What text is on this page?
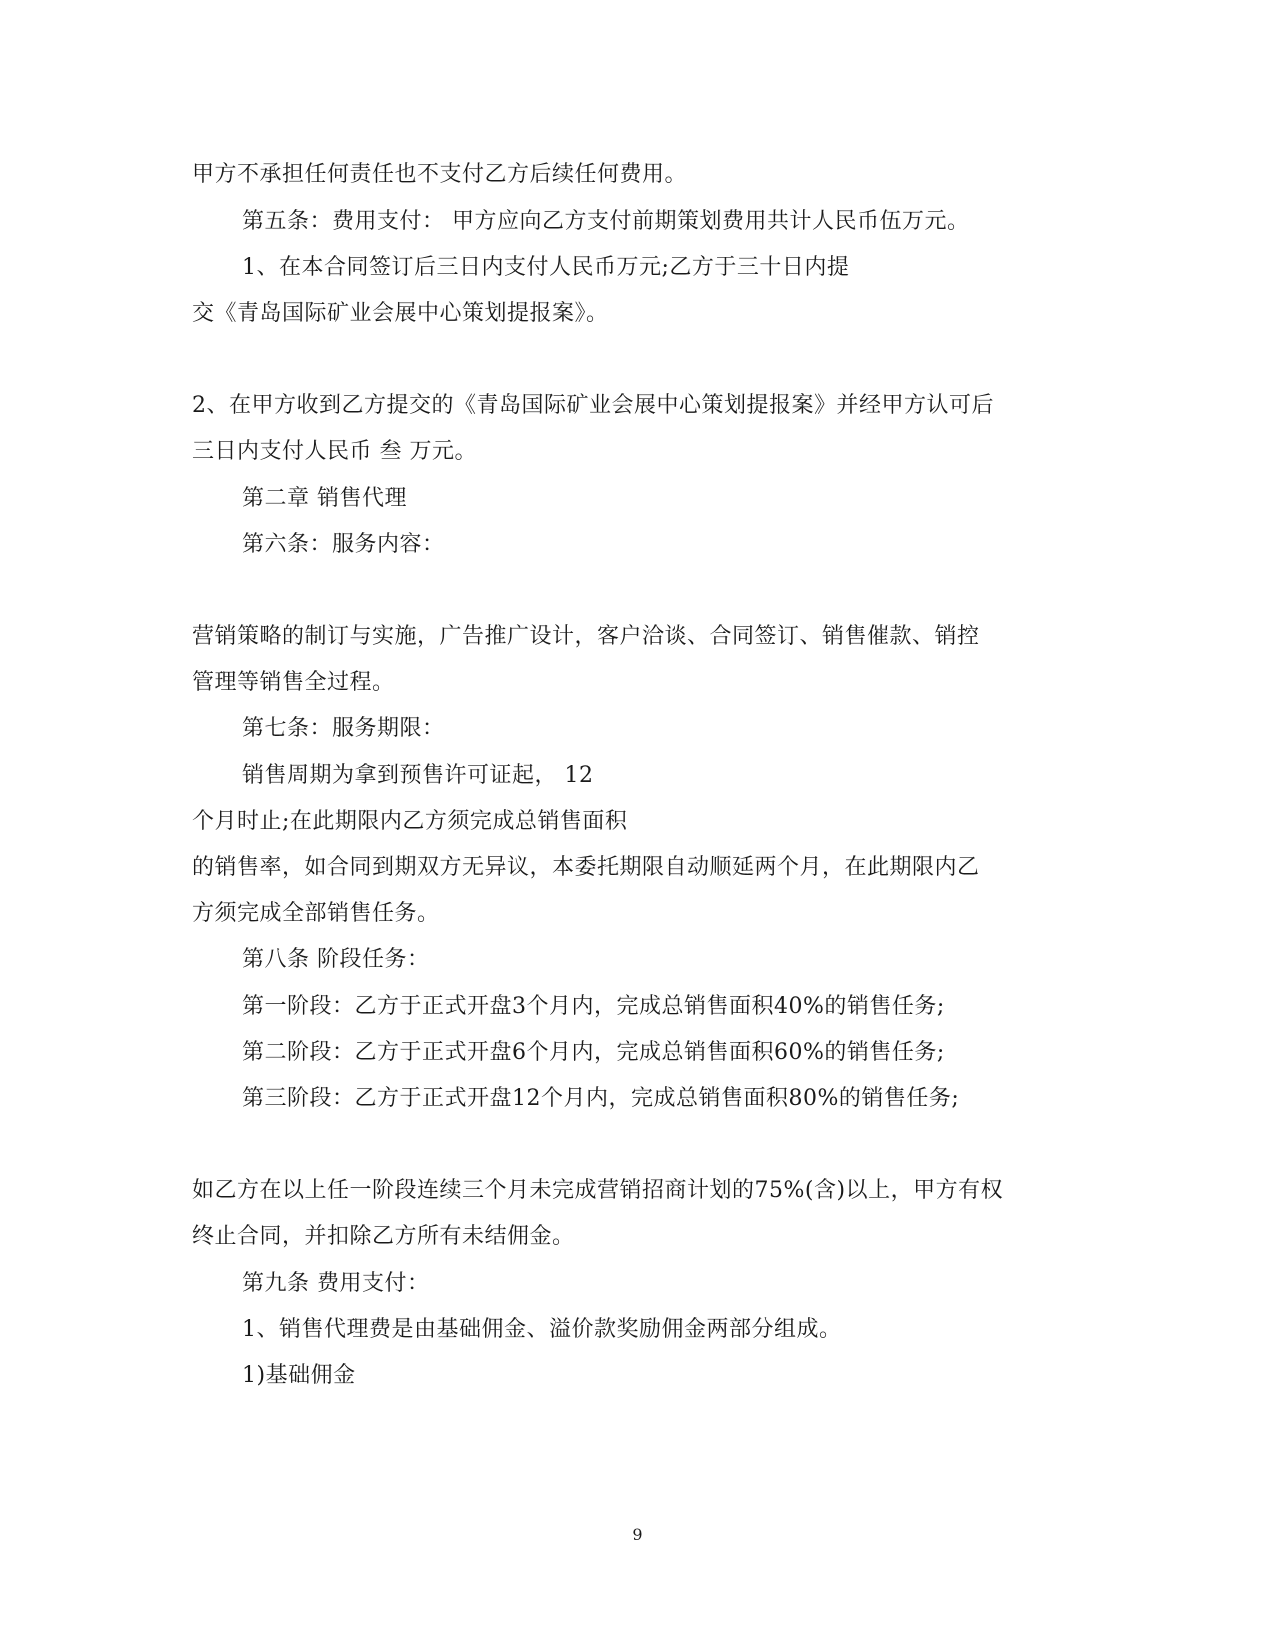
甲方不承担任何责任也不支付乙方后续任何费用。
第五条：费用支付： 甲方应向乙方支付前期策划费用共计人民币伍万元。
1、在本合同签订后三日内支付人民币万元;乙方于三十日内提
交《青岛国际矿业会展中心策划提报案》。
2、在甲方收到乙方提交的《青岛国际矿业会展中心策划提报案》并经甲方认可后
三日内支付人民币 叁 万元。
第二章 销售代理
第六条：服务内容：
营销策略的制订与实施，广告推广设计，客户洽谈、合同签订、销售催款、销控
管理等销售全过程。
第七条：服务期限：
销售周期为拿到预售许可证起， 12
个月时止;在此期限内乙方须完成总销售面积
的销售率，如合同到期双方无异议，本委托期限自动顺延两个月，在此期限内乙
方须完成全部销售任务。
第八条 阶段任务：
第一阶段：乙方于正式开盘3个月内，完成总销售面积40%的销售任务;
第二阶段：乙方于正式开盘6个月内，完成总销售面积60%的销售任务;
第三阶段：乙方于正式开盘12个月内，完成总销售面积80%的销售任务;
如乙方在以上任一阶段连续三个月未完成营销招商计划的75%(含)以上，甲方有权
终止合同，并扣除乙方所有未结佣金。
第九条 费用支付：
1、销售代理费是由基础佣金、溢价款奖励佣金两部分组成。
1)基础佣金
9
